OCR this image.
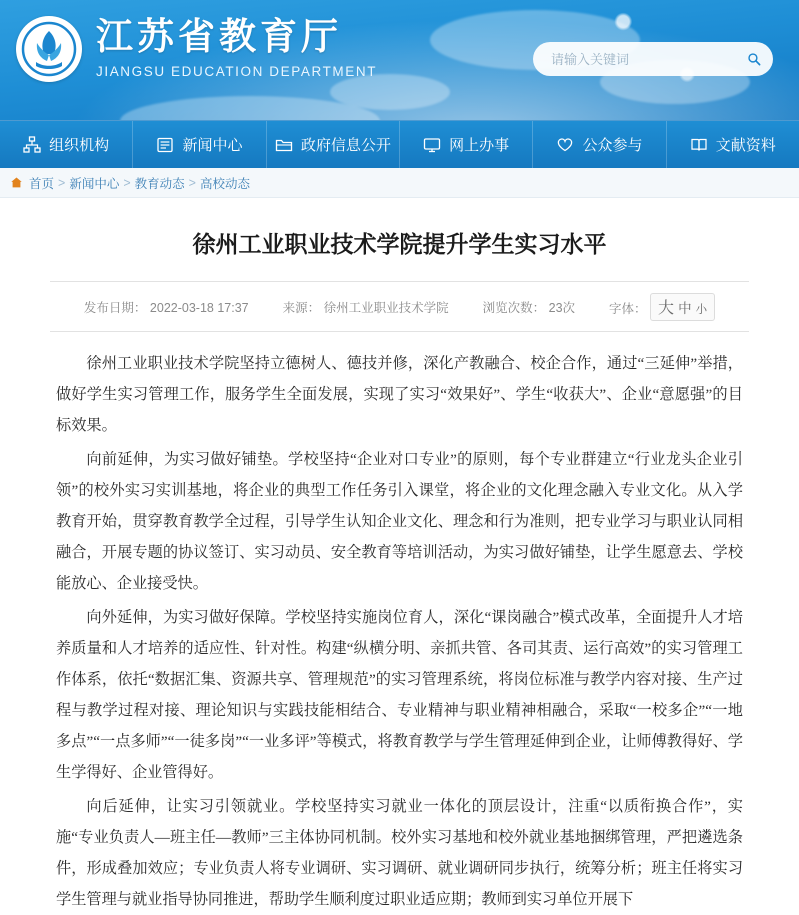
江苏省教育厅
JIANGSU EDUCATION DEPARTMENT
请输入关键词
组织机构	新闻中心	政府信息公开	网上办事	公众参与	文献资料
首页 > 新闻中心 > 教育动态 > 高校动态
徐州工业职业技术学院提升学生实习水平
发布日期： 2022-03-18 17:37	来源： 徐州工业职业技术学院	浏览次数： 23次	字体： 大 中 小

徐州工业职业技术学院坚持立德树人、德技并修，深化产教融合、校企合作，通过“三延伸”举措，做好学生实习管理工作，服务学生全面发展，实现了实习“效果好”、学生“收获大”、企业“意愿强”的目标效果。

向前延伸，为实习做好铺垫。学校坚持“企业对口专业”的原则，每个专业群建立“行业龙头企业引领”的校外实习实训基地，将企业的典型工作任务引入课堂，将企业的文化理念融入专业文化。从入学教育开始，贯穿教育教学全过程，引导学生认知企业文化、理念和行为准则，把专业学习与职业认同相融合，开展专题的协议签订、实习动员、安全教育等培训活动，为实习做好铺垫，让学生愿意去、学校能放心、企业接受快。

向外延伸，为实习做好保障。学校坚持实施岗位育人，深化“课岗融合”模式改革，全面提升人才培养质量和人才培养的适应性、针对性。构建“纵横分明、亲抓共管、各司其责、运行高效”的实习管理工作体系，依托“数据汇集、资源共享、管理规范”的实习管理系统，将岗位标准与教学内容对接、生产过程与教学过程对接、理论知识与实践技能相结合、专业精神与职业精神相融合，采取“一校多企”“一地多点”“一点多师”“一徒多岗”“一业多评”等模式，将教育教学与学生管理延伸到企业，让师傅教得好、学生学得好、企业管得好。

向后延伸，让实习引领就业。学校坚持实习就业一体化的顶层设计，注重“以质衔换合作”，实施“专业负责人—班主任—教师”三主体协同机制。校外实习基地和校外就业基地捆绑管理，严把遴选条件，形成叠加效应；专业负责人将专业调研、实习调研、就业调研同步执行，统筹分析；班主任将实习学生管理与就业指导协同推进，帮助学生顺利度过职业适应期；教师到实习单位开展下
